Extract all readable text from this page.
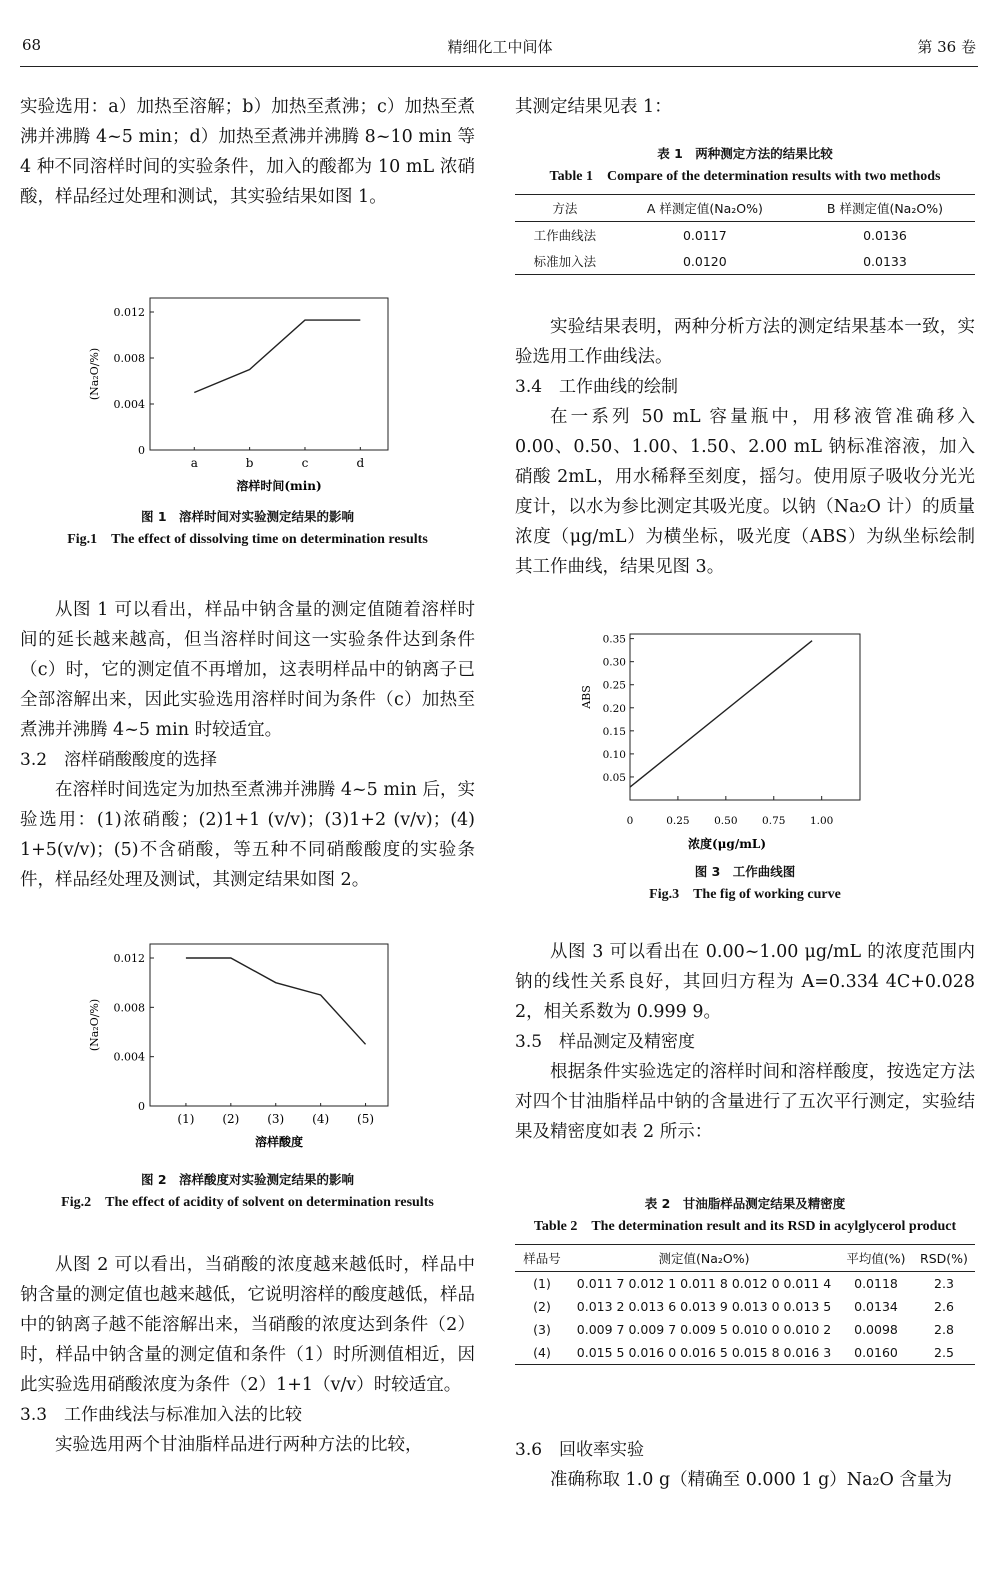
68	精细化工中间体	第 36 卷

实验选用：a）加热至溶解；b）加热至煮沸；c）加热至煮沸并沸腾 4~5 min；d）加热至煮沸并沸腾 8~10 min 等 4 种不同溶样时间的实验条件，加入的酸都为 10 mL 浓硝酸，样品经过处理和测试，其实验结果如图 1。

0
0.004
0.008
0.012
a	b	c	d
溶样时间(min)
(Na₂O/%)

图 1　溶样时间对实验测定结果的影响

Fig.1　The effect of dissolving time on determination results

从图 1 可以看出，样品中钠含量的测定值随着溶样时间的延长越来越高，但当溶样时间这一实验条件达到条件（c）时，它的测定值不再增加，这表明样品中的钠离子已全部溶解出来，因此实验选用溶样时间为条件（c）加热至煮沸并沸腾 4~5 min 时较适宜。

3.2　溶样硝酸酸度的选择

在溶样时间选定为加热至煮沸并沸腾 4~5 min 后，实验选用：(1)浓硝酸；(2)1+1 (v/v)；(3)1+2 (v/v)；(4) 1+5(v/v)；(5)不含硝酸，等五种不同硝酸酸度的实验条件，样品经处理及测试，其测定结果如图 2。

0
0.004
0.008
0.012
(1) (2) (3) (4) (5)
溶样酸度
(Na₂O/%)

图 2　溶样酸度对实验测定结果的影响

Fig.2　The effect of acidity of solvent on determination results

从图 2 可以看出，当硝酸的浓度越来越低时，样品中钠含量的测定值也越来越低，它说明溶样的酸度越低，样品中的钠离子越不能溶解出来，当硝酸的浓度达到条件（2）时，样品中钠含量的测定值和条件（1）时所测值相近，因此实验选用硝酸浓度为条件（2）1+1（v/v）时较适宜。

3.3　工作曲线法与标准加入法的比较

实验选用两个甘油脂样品进行两种方法的比较，

其测定结果见表 1：

表 1　两种测定方法的结果比较

Table 1　Compare of the determination results with two methods

方法	A 样测定值(Na₂O%)	B 样测定值(Na₂O%)
工作曲线法	0.0117	0.0136
标准加入法	0.0120	0.0133

实验结果表明，两种分析方法的测定结果基本一致，实验选用工作曲线法。

3.4　工作曲线的绘制

在一系列 50 mL 容量瓶中，用移液管准确移入 0.00、0.50、1.00、1.50、2.00 mL 钠标准溶液，加入硝酸 2mL，用水稀释至刻度，摇匀。使用原子吸收分光光度计，以水为参比测定其吸光度。以钠（Na₂O 计）的质量浓度（μg/mL）为横坐标，吸光度（ABS）为纵坐标绘制其工作曲线，结果见图 3。

0.05
0.10
0.15
0.20
0.25
0.30
0.35
0	0.25 0.50 0.75 1.00
浓度(μg/mL)
ABS

图 3　工作曲线图

Fig.3　The fig of working curve

从图 3 可以看出在 0.00~1.00 μg/mL 的浓度范围内钠的线性关系良好，其回归方程为 A=0.334 4C+0.028 2，相关系数为 0.999 9。

3.5　样品测定及精密度

根据条件实验选定的溶样时间和溶样酸度，按选定方法对四个甘油脂样品中钠的含量进行了五次平行测定，实验结果及精密度如表 2 所示：

表 2　甘油脂样品测定结果及精密度

Table 2　The determination result and its RSD in acylglycerol product

样品号	测定值(Na₂O%)	平均值(%)	RSD(%)
(1)	0.011 7 0.012 1 0.011 8 0.012 0 0.011 4	0.0118	2.3
(2)	0.013 2 0.013 6 0.013 9 0.013 0 0.013 5	0.0134	2.6
(3)	0.009 7 0.009 7 0.009 5 0.010 0 0.010 2	0.0098	2.8
(4)	0.015 5 0.016 0 0.016 5 0.015 8 0.016 3	0.0160	2.5

3.6　回收率实验

准确称取 1.0 g（精确至 0.000 1 g）Na₂O 含量为
